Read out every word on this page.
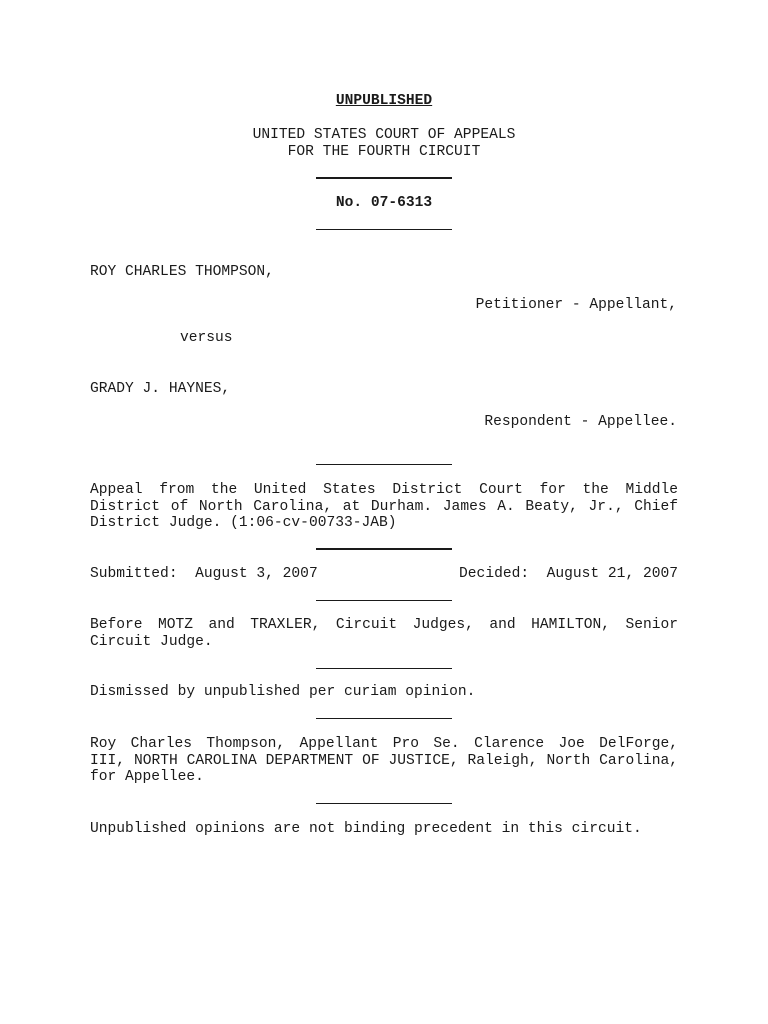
UNPUBLISHED
UNITED STATES COURT OF APPEALS
FOR THE FOURTH CIRCUIT
No. 07-6313
ROY CHARLES THOMPSON,
Petitioner - Appellant,
versus
GRADY J. HAYNES,
Respondent - Appellee.
Appeal from the United States District Court for the Middle
District of North Carolina, at Durham. James A. Beaty, Jr., Chief
District Judge. (1:06-cv-00733-JAB)
Submitted:  August 3, 2007	Decided:  August 21, 2007
Before MOTZ and TRAXLER, Circuit Judges, and HAMILTON, Senior
Circuit Judge.
Dismissed by unpublished per curiam opinion.
Roy Charles Thompson, Appellant Pro Se. Clarence Joe DelForge,
III, NORTH CAROLINA DEPARTMENT OF JUSTICE, Raleigh, North Carolina,
for Appellee.
Unpublished opinions are not binding precedent in this circuit.
